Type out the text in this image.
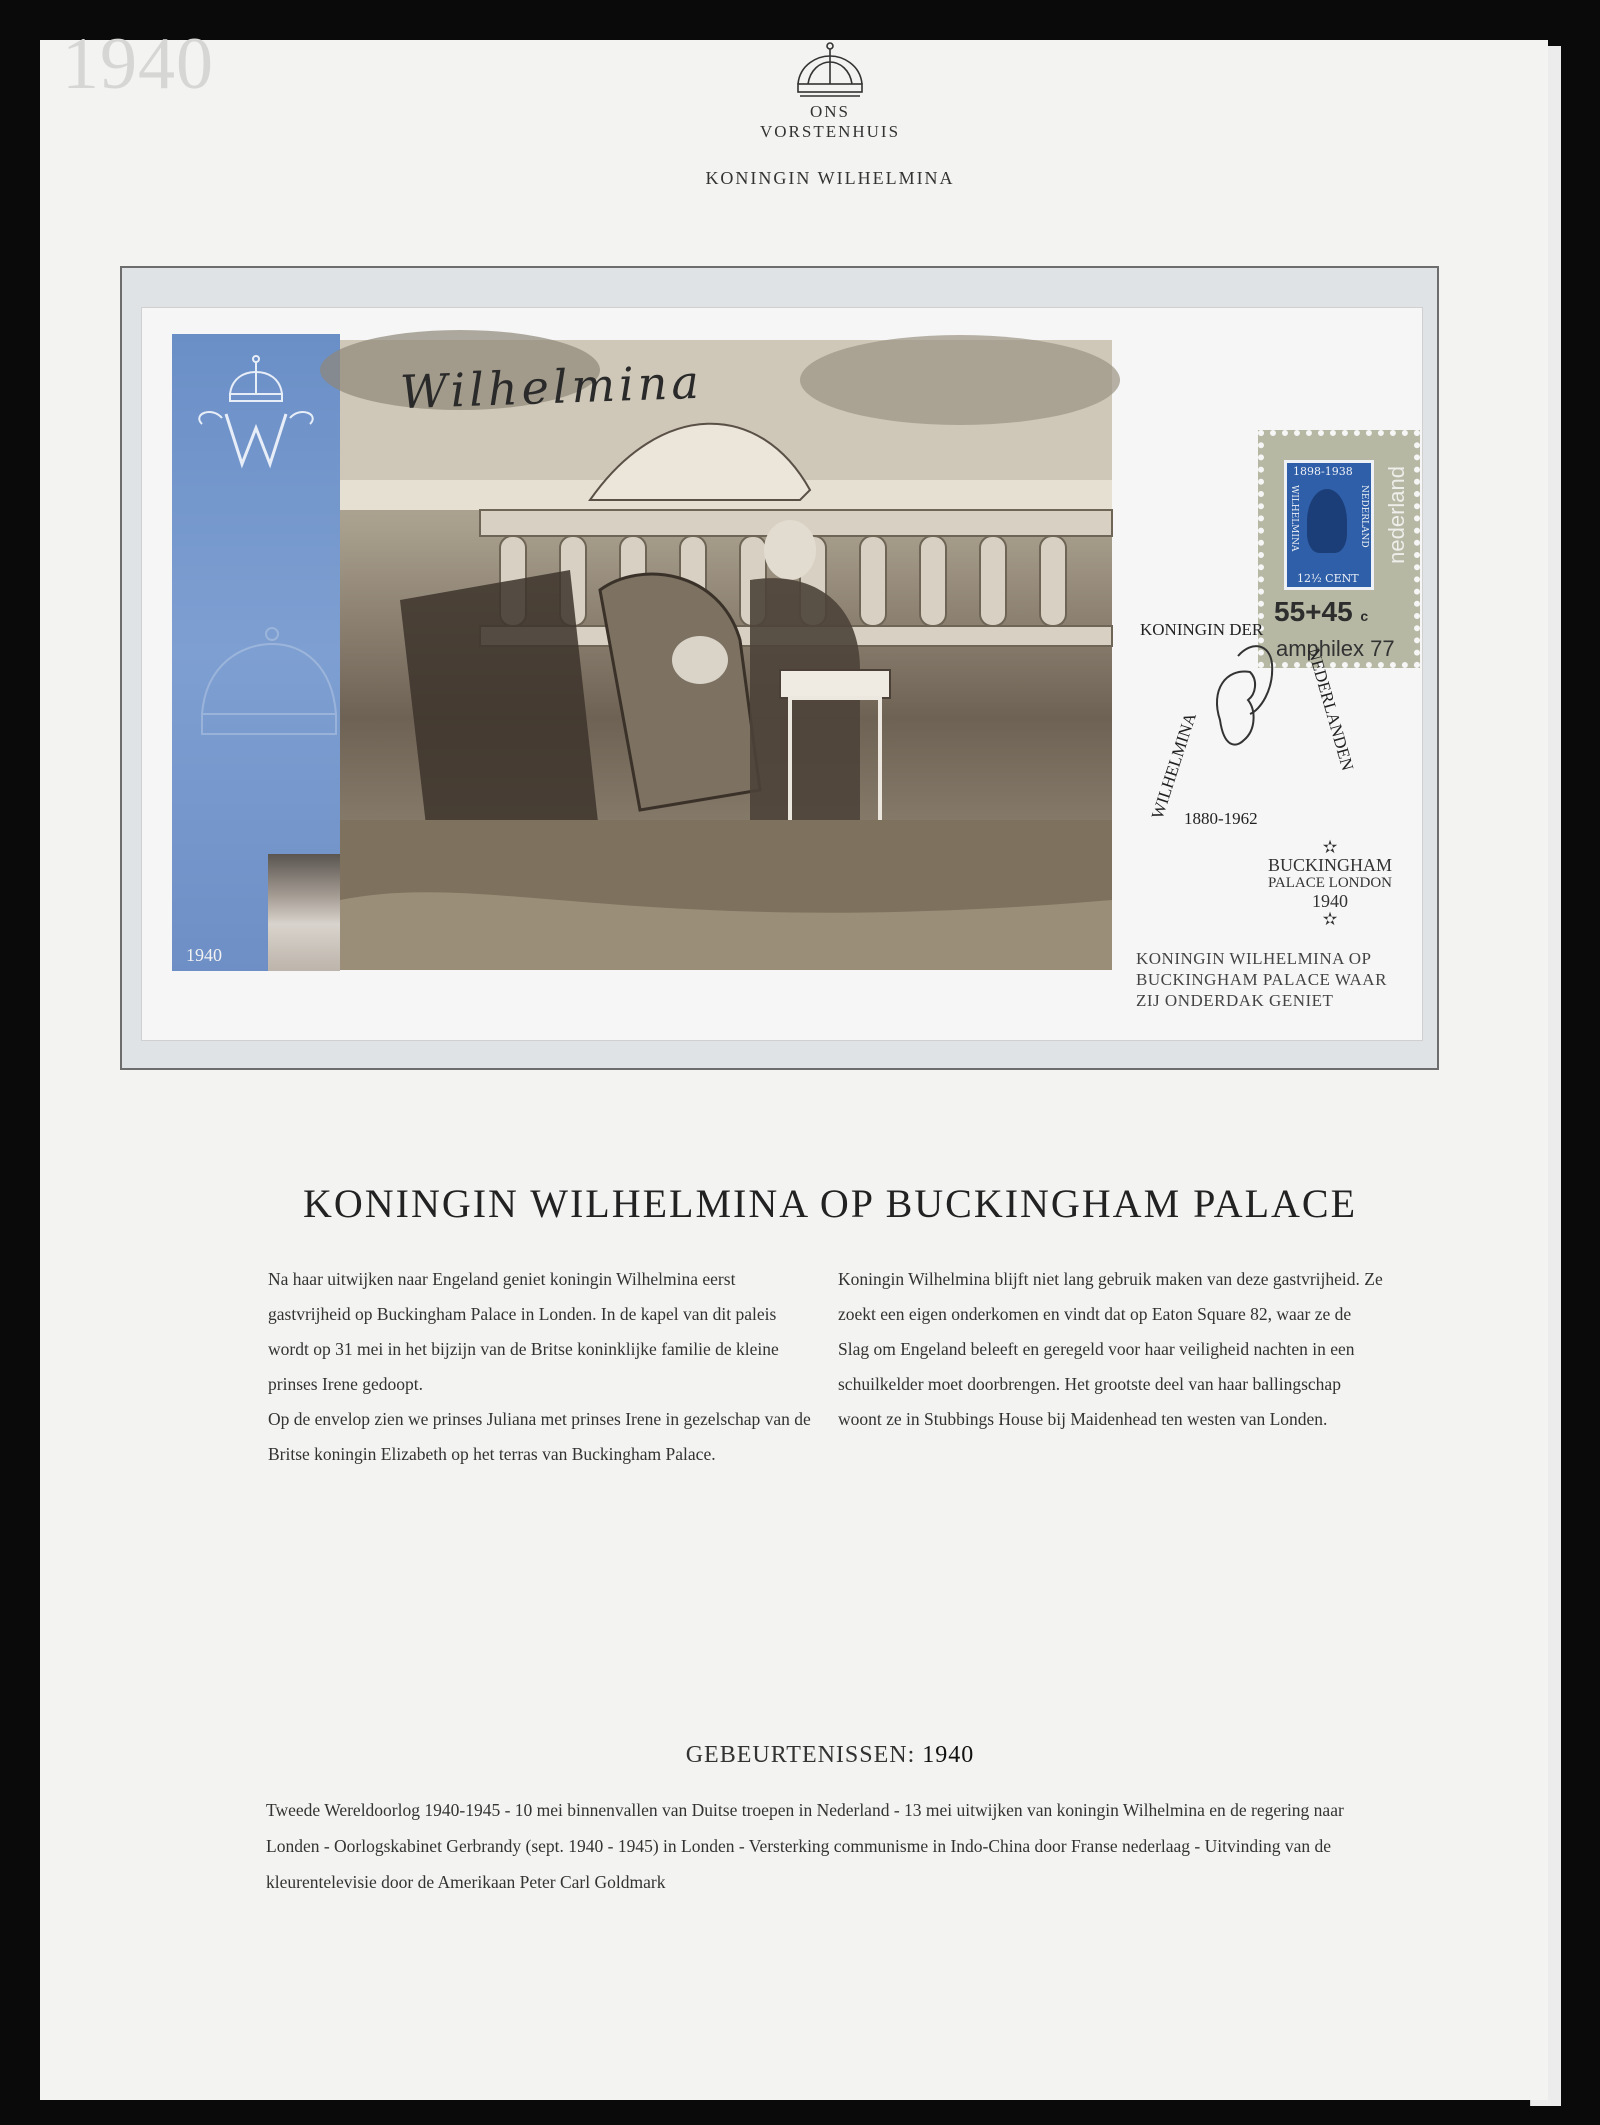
1940
ONS
VORSTENHUIS
KONINGIN WILHELMINA
1940
Wilhelmina
1898-1938
WILHELMINA	NEDERLAND
12½ CENT
55+45 c
amphilex 77
nederland
KONINGIN DER
WILHELMINA	NEDERLANDEN
1880-1962
✫
BUCKINGHAM
PALACE LONDON
1940
✫
KONINGIN WILHELMINA OP
BUCKINGHAM PALACE WAAR
ZIJ ONDERDAK GENIET
KONINGIN WILHELMINA OP BUCKINGHAM PALACE

Na haar uitwijken naar Engeland geniet koningin Wilhelmina eerst gastvrijheid op Buckingham Palace in Londen. In de kapel van dit paleis wordt op 31 mei in het bijzijn van de Britse koninklijke familie de kleine prinses Irene gedoopt.

Op de envelop zien we prinses Juliana met prinses Irene in gezelschap van de Britse koningin Elizabeth op het terras van Buckingham Palace.

Koningin Wilhelmina blijft niet lang gebruik maken van deze gastvrijheid. Ze zoekt een eigen onderkomen en vindt dat op Eaton Square 82, waar ze de Slag om Engeland beleeft en geregeld voor haar veiligheid nachten in een schuilkelder moet doorbrengen. Het grootste deel van haar ballingschap woont ze in Stubbings House bij Maidenhead ten westen van Londen.

GEBEURTENISSEN: 1940
Tweede Wereldoorlog 1940-1945 - 10 mei binnenvallen van Duitse troepen in Nederland - 13 mei uitwijken van koningin Wilhelmina en de regering naar Londen - Oorlogskabinet Gerbrandy (sept. 1940 - 1945) in Londen - Versterking communisme in Indo-China door Franse nederlaag - Uitvinding van de kleurentelevisie door de Amerikaan Peter Carl Goldmark
